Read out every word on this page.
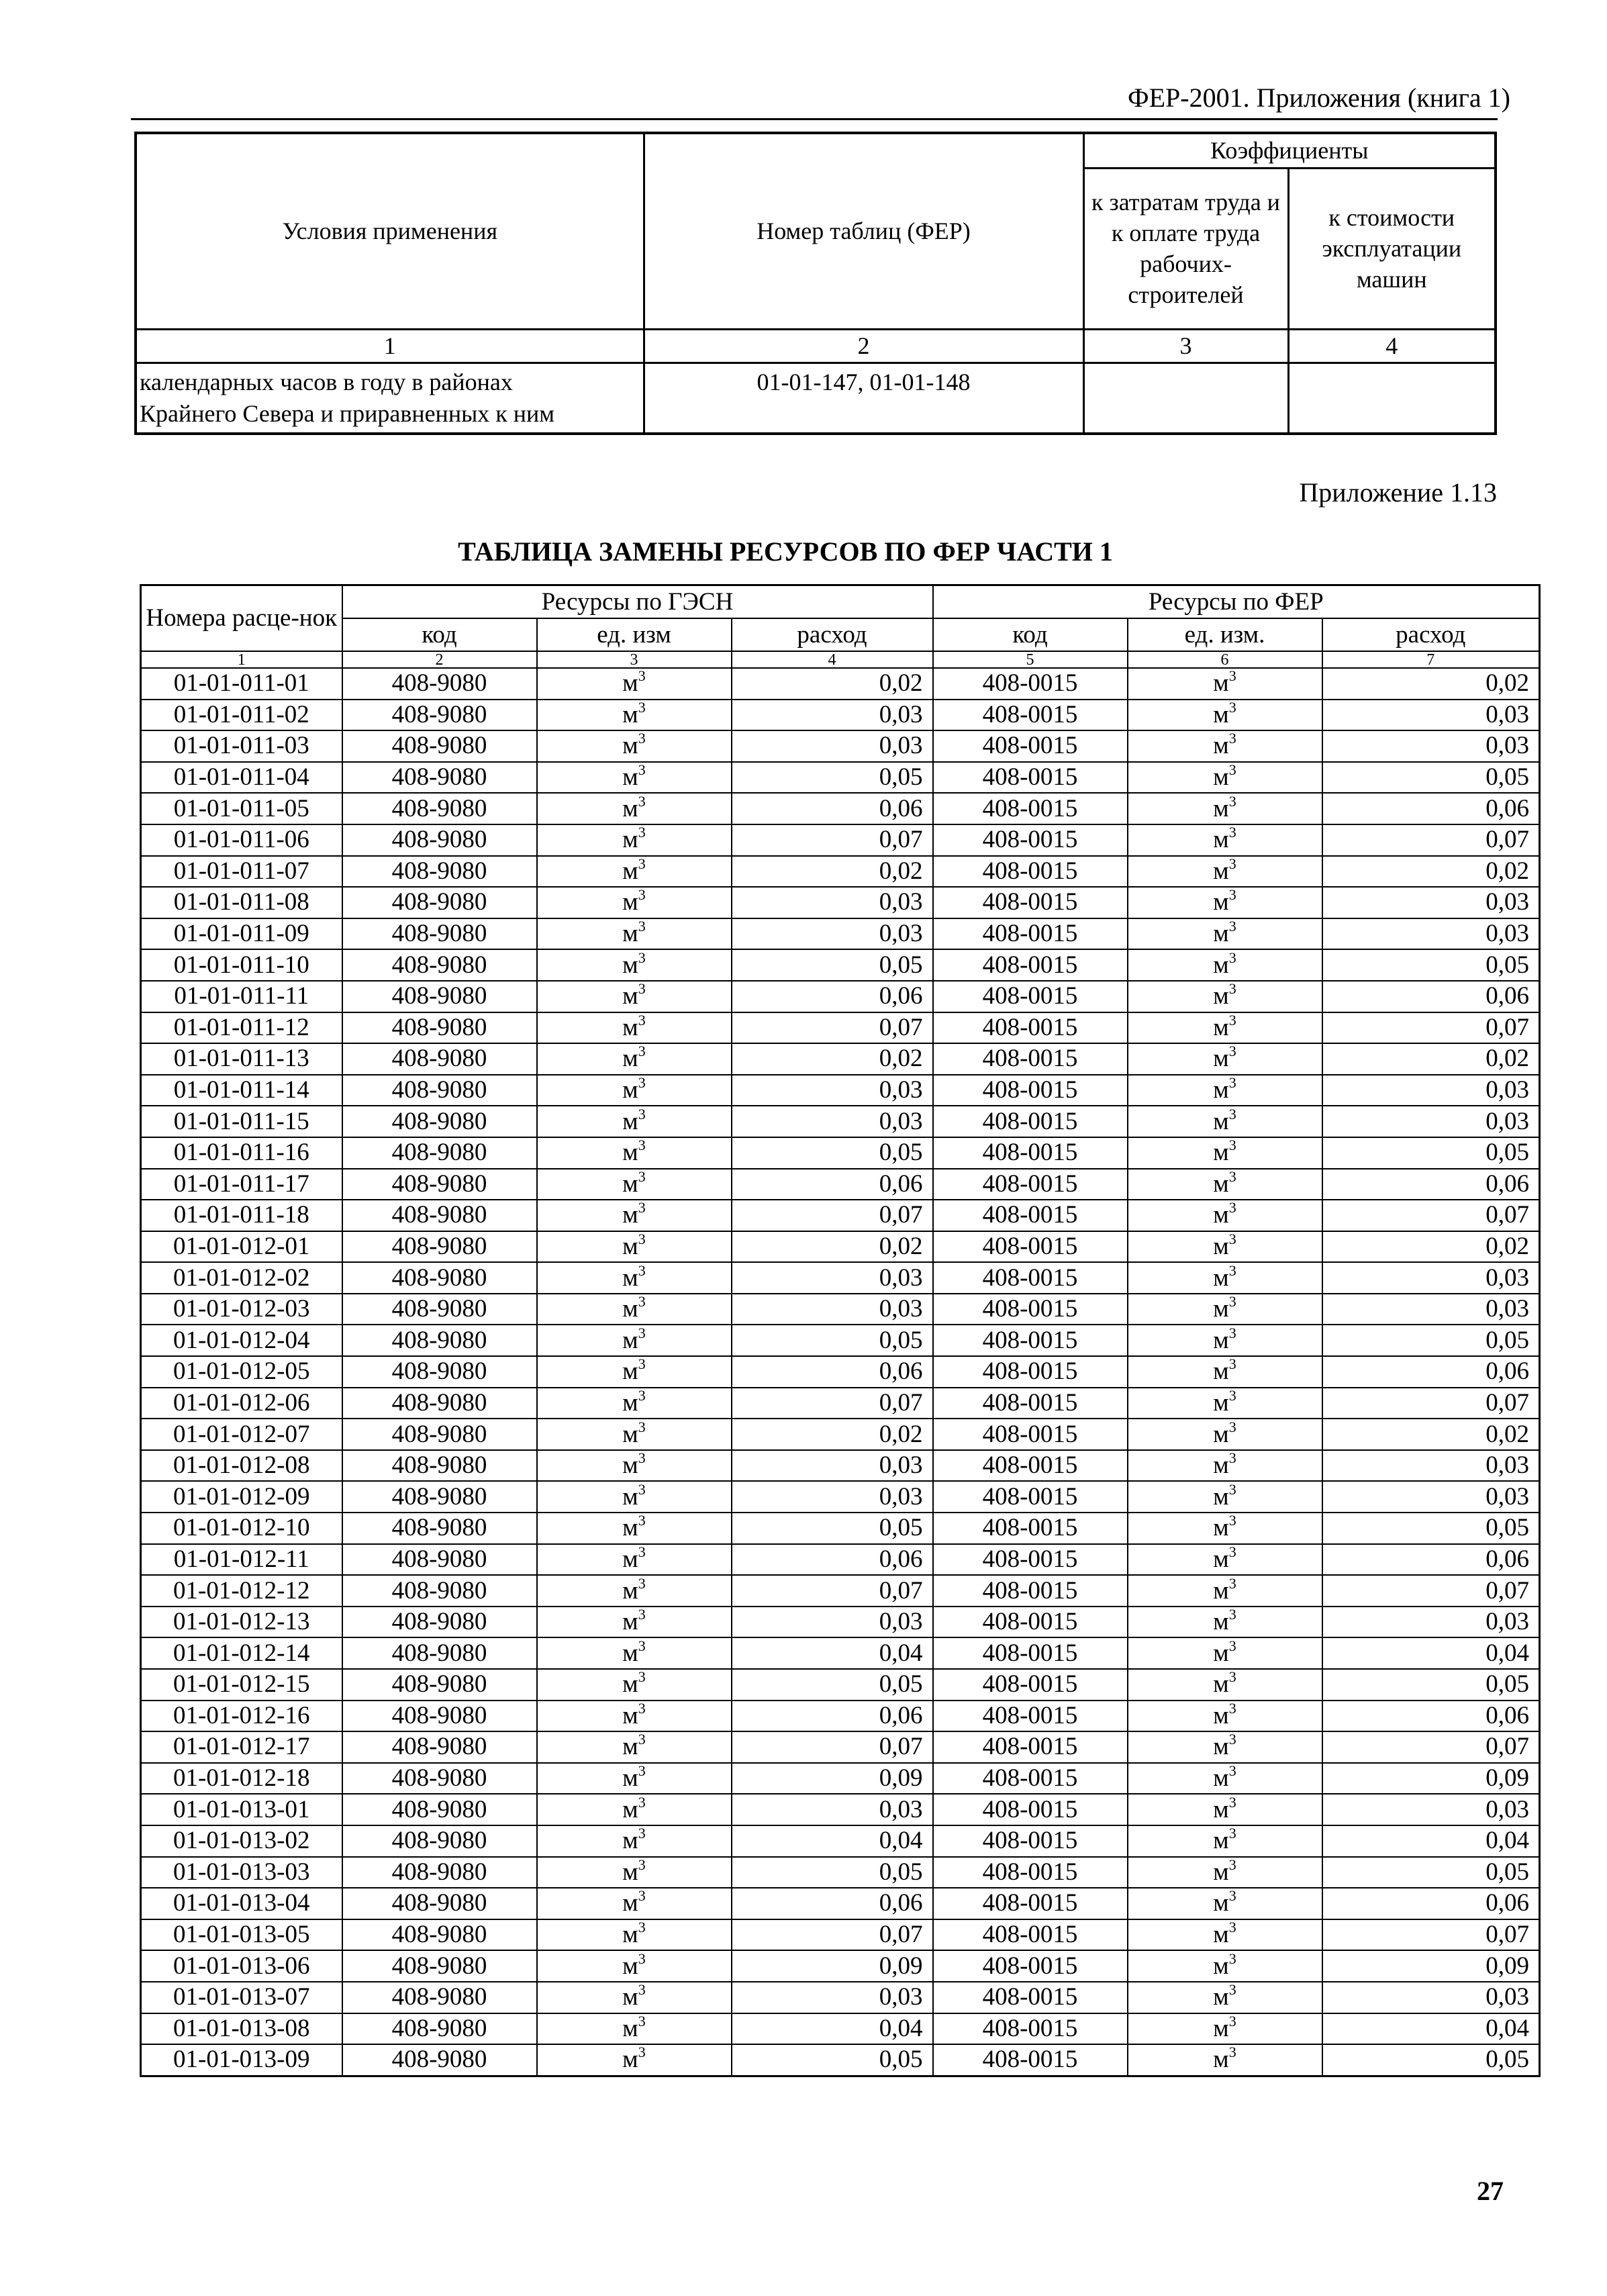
ФЕР-2001. Приложения (книга 1)
Условия применения	Номер таблиц (ФЕР)	Коэффициенты	
		к затратам труда и к оплате труда рабочих-строителей	к стоимости эксплуатации машин
1	2	3	4

календарных часов в году в районах
Крайнего Севера и приравненных к ним	01-01-147, 01-01-148		
Приложение 1.13
ТАБЛИЦА ЗАМЕНЫ РЕСУРСОВ ПО ФЕР ЧАСТИ 1
Номера расце-нок	Ресурсы по ГЭСН			Ресурсы по ФЕР		
	код	ед. изм	расход	код	ед. изм.	расход
1	2	3	4	5	6	7
01-01-011-01	408-9080	$м^3$	0,02	408-0015	$м^3$	0,02
01-01-011-02	408-9080	$м^3$	0,03	408-0015	$м^3$	0,03
01-01-011-03	408-9080	$м^3$	0,03	408-0015	$м^3$	0,03
01-01-011-04	408-9080	$м^3$	0,05	408-0015	$м^3$	0,05
01-01-011-05	408-9080	$м^3$	0,06	408-0015	$м^3$	0,06
01-01-011-06	408-9080	$м^3$	0,07	408-0015	$м^3$	0,07
01-01-011-07	408-9080	$м^3$	0,02	408-0015	$м^3$	0,02
01-01-011-08	408-9080	$м^3$	0,03	408-0015	$м^3$	0,03
01-01-011-09	408-9080	$м^3$	0,03	408-0015	$м^3$	0,03
01-01-011-10	408-9080	$м^3$	0,05	408-0015	$м^3$	0,05
01-01-011-11	408-9080	$м^3$	0,06	408-0015	$м^3$	0,06
01-01-011-12	408-9080	$м^3$	0,07	408-0015	$м^3$	0,07
01-01-011-13	408-9080	$м^3$	0,02	408-0015	$м^3$	0,02
01-01-011-14	408-9080	$м^3$	0,03	408-0015	$м^3$	0,03
01-01-011-15	408-9080	$м^3$	0,03	408-0015	$м^3$	0,03
01-01-011-16	408-9080	$м^3$	0,05	408-0015	$м^3$	0,05
01-01-011-17	408-9080	$м^3$	0,06	408-0015	$м^3$	0,06
01-01-011-18	408-9080	$м^3$	0,07	408-0015	$м^3$	0,07
01-01-012-01	408-9080	$м^3$	0,02	408-0015	$м^3$	0,02
01-01-012-02	408-9080	$м^3$	0,03	408-0015	$м^3$	0,03
01-01-012-03	408-9080	$м^3$	0,03	408-0015	$м^3$	0,03
01-01-012-04	408-9080	$м^3$	0,05	408-0015	$м^3$	0,05
01-01-012-05	408-9080	$м^3$	0,06	408-0015	$м^3$	0,06
01-01-012-06	408-9080	$м^3$	0,07	408-0015	$м^3$	0,07
01-01-012-07	408-9080	$м^3$	0,02	408-0015	$м^3$	0,02
01-01-012-08	408-9080	$м^3$	0,03	408-0015	$м^3$	0,03
01-01-012-09	408-9080	$м^3$	0,03	408-0015	$м^3$	0,03
01-01-012-10	408-9080	$м^3$	0,05	408-0015	$м^3$	0,05
01-01-012-11	408-9080	$м^3$	0,06	408-0015	$м^3$	0,06
01-01-012-12	408-9080	$м^3$	0,07	408-0015	$м^3$	0,07
01-01-012-13	408-9080	$м^3$	0,03	408-0015	$м^3$	0,03
01-01-012-14	408-9080	$м^3$	0,04	408-0015	$м^3$	0,04
01-01-012-15	408-9080	$м^3$	0,05	408-0015	$м^3$	0,05
01-01-012-16	408-9080	$м^3$	0,06	408-0015	$м^3$	0,06
01-01-012-17	408-9080	$м^3$	0,07	408-0015	$м^3$	0,07
01-01-012-18	408-9080	$м^3$	0,09	408-0015	$м^3$	0,09
01-01-013-01	408-9080	$м^3$	0,03	408-0015	$м^3$	0,03
01-01-013-02	408-9080	$м^3$	0,04	408-0015	$м^3$	0,04
01-01-013-03	408-9080	$м^3$	0,05	408-0015	$м^3$	0,05
01-01-013-04	408-9080	$м^3$	0,06	408-0015	$м^3$	0,06
01-01-013-05	408-9080	$м^3$	0,07	408-0015	$м^3$	0,07
01-01-013-06	408-9080	$м^3$	0,09	408-0015	$м^3$	0,09
01-01-013-07	408-9080	$м^3$	0,03	408-0015	$м^3$	0,03
01-01-013-08	408-9080	$м^3$	0,04	408-0015	$м^3$	0,04
01-01-013-09	408-9080	$м^3$	0,05	408-0015	$м^3$	0,05
27
